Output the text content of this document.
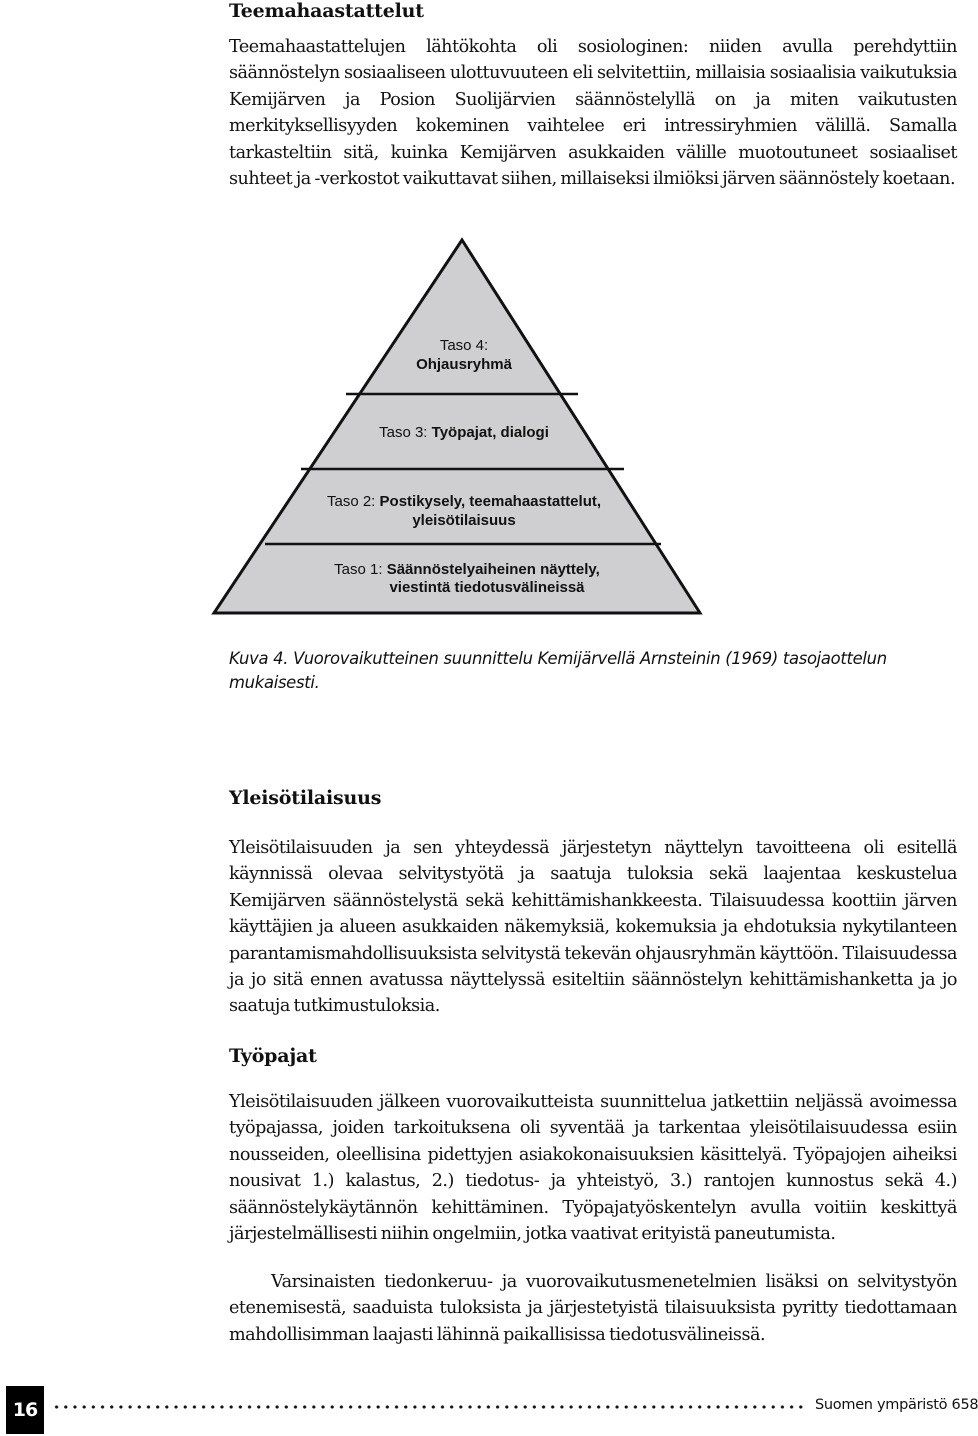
Teemahaastattelut

Teemahaastattelujen lähtökohta oli sosiologinen: niiden avulla perehdyttiin säännöstelyn sosiaaliseen ulottuvuuteen eli selvitettiin, millaisia sosiaalisia vaikutuksia Kemijärven ja Posion Suolijärvien säännöstelyllä on ja miten vaikutusten merkityksellisyyden kokeminen vaihtelee eri intressiryhmien välillä. Samalla tarkasteltiin sitä, kuinka Kemijärven asukkaiden välille muotoutuneet sosiaaliset suhteet ja -verkostot vaikuttavat siihen, millaiseksi ilmiöksi järven säännöstely koetaan.

Taso 4:
Ohjausryhmä
Taso 3: Työpajat, dialogi
Taso 2: Postikysely, teemahaastattelut,
yleisötilaisuus
Taso 1: Säännöstelyaiheinen näyttely,
viestintä tiedotusvälineissä
Kuva 4. Vuorovaikutteinen suunnittelu Kemijärvellä Arnsteinin (1969) tasojaottelun mukaisesti.
Yleisötilaisuus

Yleisötilaisuuden ja sen yhteydessä järjestetyn näyttelyn tavoitteena oli esitellä käynnissä olevaa selvitystyötä ja saatuja tuloksia sekä laajentaa keskustelua Kemijärven säännöstelystä sekä kehittämishankkeesta. Tilaisuudessa koottiin järven käyttäjien ja alueen asukkaiden näkemyksiä, kokemuksia ja ehdotuksia nykytilanteen parantamismahdollisuuksista selvitystä tekevän ohjausryhmän käyttöön. Tilaisuudessa ja jo sitä ennen avatussa näyttelyssä esiteltiin säännöstelyn kehittämishanketta ja jo saatuja tutkimustuloksia.

Työpajat

Yleisötilaisuuden jälkeen vuorovaikutteista suunnittelua jatkettiin neljässä avoimessa työpajassa, joiden tarkoituksena oli syventää ja tarkentaa yleisötilaisuudessa esiin nousseiden, oleellisina pidettyjen asiakokonaisuuksien käsittelyä. Työpajojen aiheiksi nousivat 1.) kalastus, 2.) tiedotus- ja yhteistyö, 3.) rantojen kunnostus sekä 4.) säännöstelykäytännön kehittäminen. Työpajatyöskentelyn avulla voitiin keskittyä järjestelmällisesti niihin ongelmiin, jotka vaativat erityistä paneutumista.

Varsinaisten tiedonkeruu- ja vuorovaikutusmenetelmien lisäksi on selvitystyön etenemisestä, saaduista tuloksista ja järjestetyistä tilaisuuksista pyritty tiedottamaan mahdollisimman laajasti lähinnä paikallisissa tiedotusvälineissä.

16	Suomen ympäristö 658
